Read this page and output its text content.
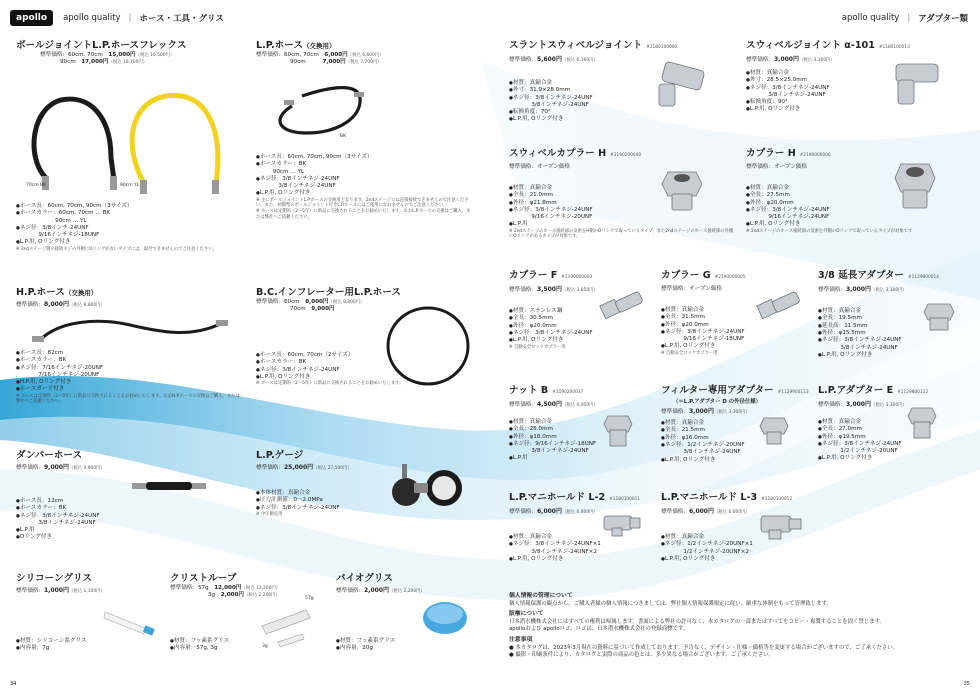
apollo	apollo quality | ホース・工具・グリス	apollo quality | アダプター類
ボールジョイントL.P.ホースフレックス
標準価格：60cm, 70cm　 15,000円（税込 16,500円）
90cm　 17,000円（税込 18,700円）
70cm BK	90cm YL
● ホース長：60cm, 70cm, 90cm（3サイズ）
● ホースカラー：60cm, 70cm … BK
　　　　　　　90cm … YL
● ネジ径：3/8インチ-24UNF
　　　　9/16インチネジ-18UNF
● L.P.用, Oリング付き
※ 2ndステージ側の接続ネジの外側にOリングがないタイプには、取付できませんのでご注意ください。
L.P.ホース（交換用）
標準価格：60cm, 70cm　 6,000円（税込 6,600円）
90cm　　　	7,000円（税込 7,700円）
BK
● ホース長：60cm, 70cm, 90cm（3サイズ）
● ホースカラー：BK
　　　90cm … YL
● ネジ径：3/8インチネジ-24UNF
　　　　3/8インチネジ-24UNF
● L.P.用, Oリング付き
※ 主にボールジョイントL.P.ホースの交換用となります。2ndステージには直接接続できませんので注意ください。また、初期型のボールジョイント付きL.P.ホースにはご使用になれませんのでご注意ください。
※ ホースは定期的（2〜5年）に新品に交換されることをお勧めいたします。なおL.P.ホースの交換はご購入、または弊社へご依頼ください。
H.P.ホース（交換用）
標準価格：8,000円（税込 8,800円）
● ホース長：82cm
● ホースカラー：BK
● ネジ径：7/16インチネジ-20UNF
　　　　7/16インチネジ-20UNF
● H.P.用, Oリング付き
● ホースガード付き
※ ホースは定期的（2〜5年）に新品に交換されることをお勧めいたします。なおH.P.ホースの交換はご購入、または弊社へご依頼ください。
B.C.インフレーター用L.P.ホース
標準価格：60cm　 8,000円（税込 8,800円）
70cm　 9,000円
● ホース長：60cm, 70cm（2サイズ）
● ホースカラー：BK
● ネジ径：3/8インチネジ-24UNF
● L.P.用, Oリング付き
※ ホースは定期的（2〜5年）に新品に交換されることをお勧めいたします。
ダンパーホース
標準価格：9,000円（税込 9,900円）
● ホース長：12cm
● ホースカラー：BK
● ネジ径：3/8インチネジ-24UNF
　　　　3/8インチネジ-24UNF
● L.P.用
● Oリング付き
L.P.ゲージ
標準価格：25,000円（税込 27,500円）
● 本体材質：真鍮合金
● 圧力計測値：0〜2.0MPa
● ネジ径：3/8インチネジ-24UNF
※ 中圧測定用
シリコーングリス
標準価格：1,000円（税込 1,100円）
● 材質：シリコーン系グリス
● 内容量：7g
クリストルーブ
標準価格：57g　 12,000円（税込 13,200円）
3g　 2,000円（税込 2,200円）
57g
3g
● 材質：フッ素系グリス
● 内容量：57g, 3g
バイオグリス
標準価格：2,000円（税込 2,200円）
● 材質：フッ素系グリス
● 内容量：20g
スラントスウィベルジョイント #2180100000
標準価格：5,600円（税込 6,160円）
● 材質：真鍮合金
● 外寸：31.9×28.0mm
● ネジ径：3/8インチネジ-24UNF
　　　　3/8インチネジ-24UNF
● 転換角度：70°
● L.P.用, Oリング付き
スウィベルジョイント α-101 #1180100013
標準価格：3,000円（税込 3,300円）
● 材質：真鍮合金
● 外寸：28.5×25.0mm
● ネジ径：3/8インチネジ-24UNF
　　　　3/8インチネジ-24UNF
● 転換角度：90°
● L.P.用, Oリング付き
スウィベルカプラー H #3190200040
標準価格：オープン価格
● 材質：真鍮合金
● 全長：21.0mm
● 外径：φ21.8mm
● ネジ径：3/8インチネジ-24UNF
　　　　9/16インチネジ-20UNF
● L.P.用
※ 2ndステージのホース接続部の気密をH側のOリングで取っているタイプ、また2ndステージのホース接続部の外側にOリングがあるタイプが対象です。
カプラー H #2190000006
標準価格：オープン価格
● 材質：真鍮合金
● 全長：27.5mm
● 外径：φ20.0mm
● ネジ径：3/8インチネジ-24UNF
　　　　9/16インチネジ-24UNF
● L.P.用, Oリング付き
※ 2ndステージのホース接続部の気密を外側のOリングで取っているタイプが対象です
カプラー F #2190000003
標準価格：3,500円（税込 3,850円）
● 材質：ステンレス鋼
● 全長：30.5mm
● 外径：φ20.0mm
● ネジ径：3/8インチネジ-24UNF
● L.P.用, Oリング付き
※ 自動安全ロックカプラー用
カプラー G #2190000005
標準価格：オープン価格
● 材質：真鍮合金
● 全長：31.5mm
● 外径：φ20.0mm
● ネジ径：3/8インチネジ-24UNF
　　　　9/16インチネジ-18UNF
● L.P.用, Oリング付き
※ 自動安全ロックカプラー用
3/8 延長アダプター #1129800014
標準価格：3,000円（税込 3,300円）
● 材質：真鍮合金
● 全長：19.5mm
● 延長高：11.5mm
● 外径：φ15.5mm
● ネジ径：3/8インチネジ-24UNF
　　　　3/8インチネジ-24UNF
● L.P.用, Oリング付き
ナット B #3190200037
標準価格：4,500円（税込 4,950円）
● 材質：真鍮合金
● 全長：25.0mm
● 外径：φ18.0mm
● ネジ径：9/16インチネジ-18UNF
　　　　3/8インチネジ-24UNF
● L.P.用
フィルター専用アダプター #1129900113
（＝L.P.アダプター D の外径仕様）
標準価格：3,000円（税込 3,300円）
● 材質：真鍮合金
● 全長：21.5mm
● 外径：φ16.0mm
● ネジ径：1/2インチネジ-20UNF
　　　　3/8インチネジ-24UNF
● L.P.用, Oリング付き
L.P.アダプター E #1129800112
標準価格：3,000円（税込 3,300円）
● 材質：真鍮合金
● 全長：27.0mm
● 外径：φ19.5mm
● ネジ径：3/8インチネジ-24UNF
　　　　1/2インチネジ-20UNF
● L.P.用, Oリング付き
L.P.マニホールド L-2 #1180100011
標準価格：6,000円（税込 6,600円）
● 材質：真鍮合金
● ネジ径：3/8インチネジ-24UNF×1
　　　　3/8インチネジ-24UNF×2
● L.P.用, Oリング付き
L.P.マニホールド L-3 #1180100012
標準価格：6,000円（税込 6,600円）
● 材質：真鍮合金
● ネジ径：1/2インチネジ-20UNF×1
　　　　1/2インチネジ-20UNF×2
● L.P.用, Oリング付き
個人情報の管理について
個人情報保護の観点から、ご購入者様の個人情報につきましては、弊社個人情報保護規定に従い、厳重な体制をもって管理致します。
版権について
日本潜水機株式会社にはすべての権利は帰属します。書面による弊社の許可なく、本カタログの一部またはすべてをコピー・複製することを固く禁じます。
apolloおよび apolloロゴ、ロゴは、日本潜水機株式会社の登録商標です。
注意事項
● 本カタログは、2023年3月現在の資料に基づいて作成しております。予告なく、デザイン・仕様・価格等を変更する場合がございますので、ご了承ください。
● 撮影・印刷条件により、カタログと実際の商品の色とは、多少異なる場合がございます。ご了承ください。
34	35
